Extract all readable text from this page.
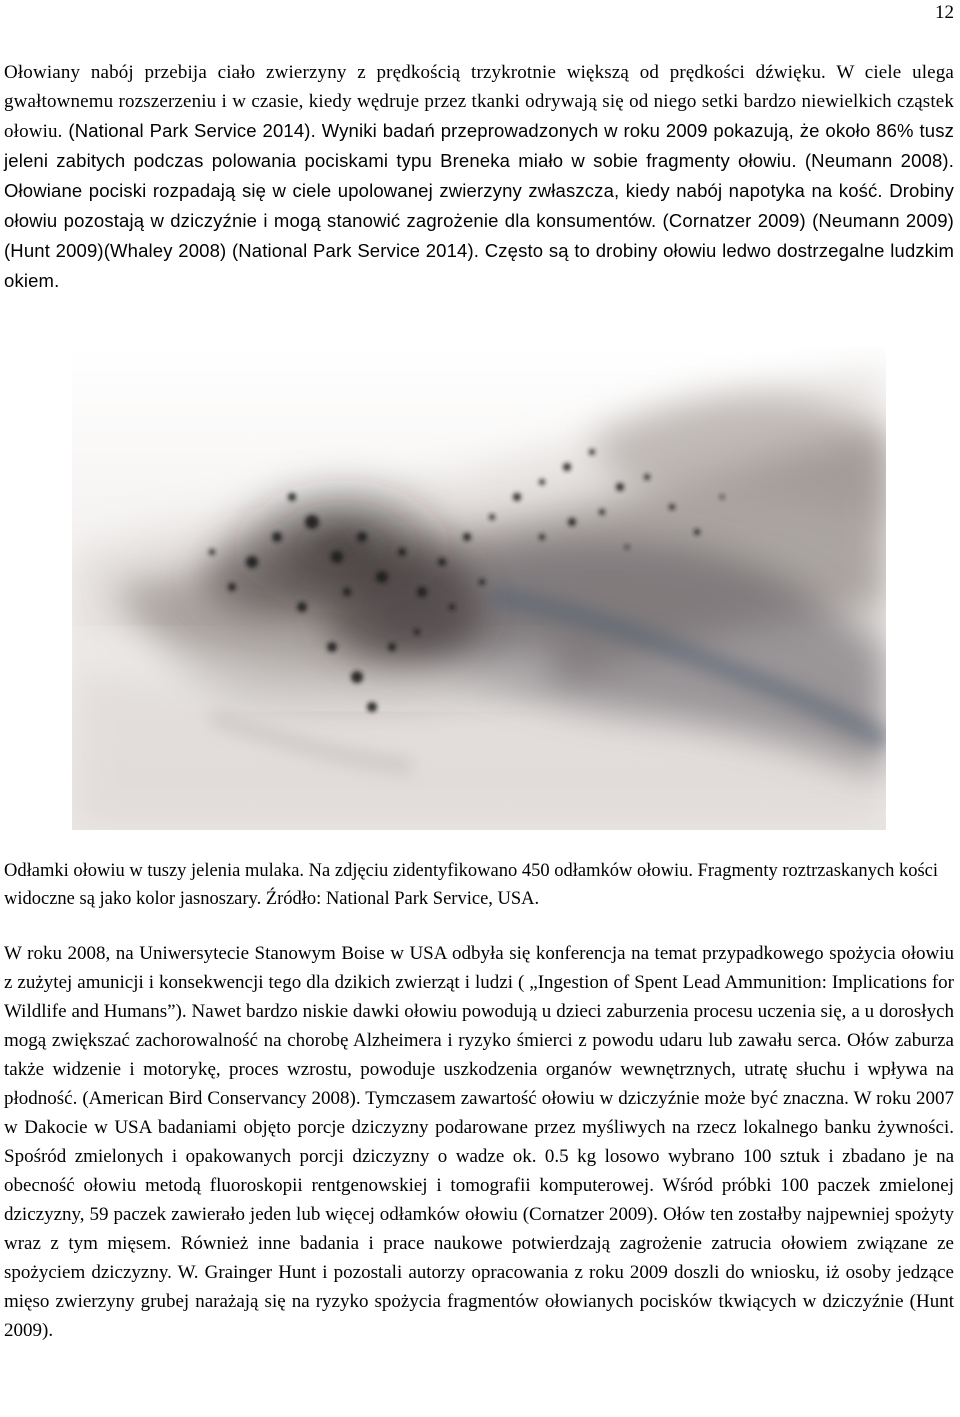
12

Ołowiany nabój przebija ciało zwierzyny z prędkością trzykrotnie większą od prędkości dźwięku. W ciele ulega gwałtownemu rozszerzeniu i w czasie, kiedy wędruje przez tkanki odrywają się od niego setki bardzo niewielkich cząstek ołowiu. (National Park Service 2014). Wyniki badań przeprowadzonych w roku 2009 pokazują, że około 86% tusz jeleni zabitych podczas polowania pociskami typu Breneka miało w sobie fragmenty ołowiu. (Neumann 2008). Ołowiane pociski rozpadają się w ciele upolowanej zwierzyny zwłaszcza, kiedy nabój napotyka na kość. Drobiny ołowiu pozostają w dziczyźnie i mogą stanowić zagrożenie dla konsumentów. (Cornatzer 2009) (Neumann 2009) (Hunt 2009)(Whaley 2008) (National Park Service 2014). Często są to drobiny ołowiu ledwo dostrzegalne ludzkim okiem.

Odłamki ołowiu w tuszy jelenia mulaka. Na zdjęciu zidentyfikowano 450 odłamków ołowiu. Fragmenty roztrzaskanych kości widoczne są jako kolor jasnoszary. Źródło: National Park Service, USA.

W roku 2008, na Uniwersytecie Stanowym Boise w USA odbyła się konferencja na temat przypadkowego spożycia ołowiu z zużytej amunicji i konsekwencji tego dla dzikich zwierząt i ludzi ( „Ingestion of Spent Lead Ammunition: Implications for Wildlife and Humans”). Nawet bardzo niskie dawki ołowiu powodują u dzieci zaburzenia procesu uczenia się, a u dorosłych mogą zwiększać zachorowalność na chorobę Alzheimera i ryzyko śmierci z powodu udaru lub zawału serca. Ołów zaburza także widzenie i motorykę, proces wzrostu, powoduje uszkodzenia organów wewnętrznych, utratę słuchu i wpływa na płodność. (American Bird Conservancy 2008). Tymczasem zawartość ołowiu w dziczyźnie może być znaczna. W roku 2007 w Dakocie w USA badaniami objęto porcje dziczyzny podarowane przez myśliwych na rzecz lokalnego banku żywności. Spośród zmielonych i opakowanych porcji dziczyzny o wadze ok. 0.5 kg losowo wybrano 100 sztuk i zbadano je na obecność ołowiu metodą fluoroskopii rentgenowskiej i tomografii komputerowej. Wśród próbki 100 paczek zmielonej dziczyzny, 59 paczek zawierało jeden lub więcej odłamków ołowiu (Cornatzer 2009). Ołów ten zostałby najpewniej spożyty wraz z tym mięsem. Również inne badania i prace naukowe potwierdzają zagrożenie zatrucia ołowiem związane ze spożyciem dziczyzny. W. Grainger Hunt i pozostali autorzy opracowania z roku 2009 doszli do wniosku, iż osoby jedzące mięso zwierzyny grubej narażają się na ryzyko spożycia fragmentów ołowianych pocisków tkwiących w dziczyźnie (Hunt 2009).
